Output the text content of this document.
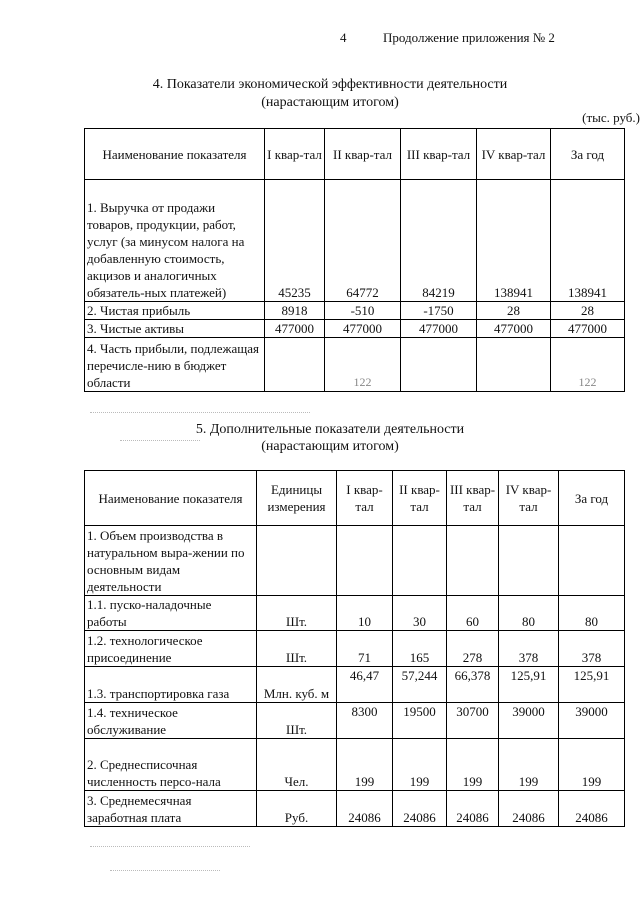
4	Продолжение приложения № 2
4. Показатели экономической эффективности деятельности
(нарастающим итогом)
(тыс. руб.)
Наименование показателя	I квар-тал	II квар-тал	III квар-тал	IV квар-тал	За год
1. Выручка от продажи товаров, продукции, работ, услуг (за минусом налога на добавленную стоимость, акцизов и аналогичных обязатель-ных платежей)	45235	64772	84219	138941	138941
2. Чистая прибыль	8918	-510	-1750	28	28
3. Чистые активы	477000	477000	477000	477000	477000
4. Часть прибыли, подлежащая перечисле-нию в бюджет области		122			122
5. Дополнительные показатели деятельности
(нарастающим итогом)
Наименование показателя	Единицы измерения	I квар-тал	II квар-тал	III квар-тал	IV квар-тал	За год
1. Объем производства в натуральном выра-жении по основным видам деятельности						
1.1. пуско-наладочные работы	Шт.	10	30	60	80	80
1.2. технологическое присоединение	Шт.	71	165	278	378	378
1.3. транспортировка газа	Млн. куб. м	46,47	57,244	66,378	125,91	125,91
1.4. техническое обслуживание	Шт.	8300	19500	30700	39000	39000
2. Среднесписочная численность персо-нала	Чел.	199	199	199	199	199
3. Среднемесячная заработная плата	Руб.	24086	24086	24086	24086	24086
